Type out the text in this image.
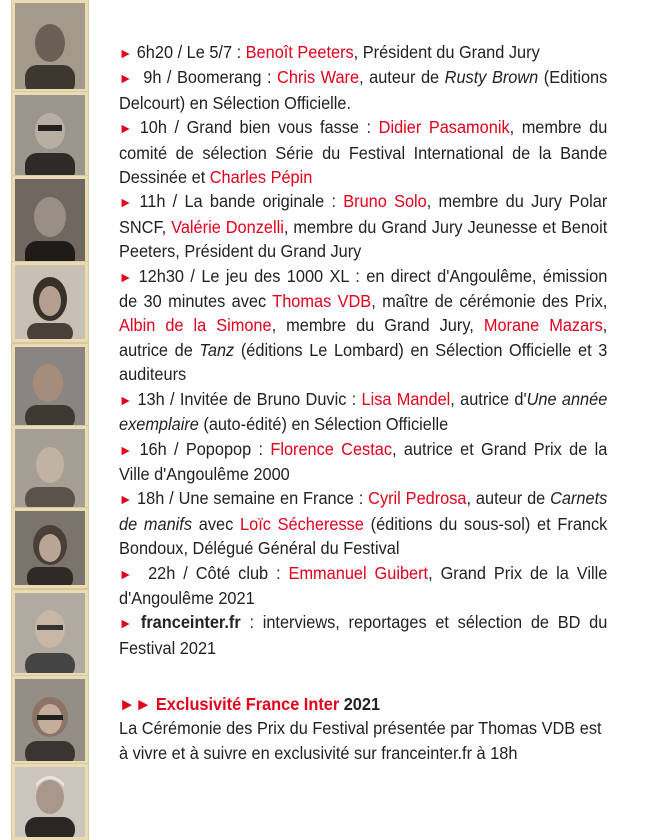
► 6h20 / Le 5/7 : Benoît Peeters, Président du Grand Jury

► 9h / Boomerang : Chris Ware, auteur de Rusty Brown (Editions Delcourt) en Sélection Officielle.

► 10h / Grand bien vous fasse : Didier Pasamonik, membre du comité de sélection Série du Festival International de la Bande Dessinée et Charles Pépin

► 11h / La bande originale : Bruno Solo, membre du Jury Polar SNCF, Valérie Donzelli, membre du Grand Jury Jeunesse et Benoit Peeters, Président du Grand Jury

► 12h30 / Le jeu des 1000 XL : en direct d'Angoulême, émission de 30 minutes avec Thomas VDB, maître de cérémonie des Prix, Albin de la Simone, membre du Grand Jury, Morane Mazars, autrice de Tanz (éditions Le Lombard) en Sélection Officielle et 3 auditeurs

► 13h / Invitée de Bruno Duvic : Lisa Mandel, autrice d'Une année exemplaire (auto-édité) en Sélection Officielle

► 16h / Popopop : Florence Cestac, autrice et Grand Prix de la Ville d'Angoulême 2000

► 18h / Une semaine en France : Cyril Pedrosa, auteur de Carnets de manifs avec Loïc Sécheresse (éditions du sous-sol) et Franck Bondoux, Délégué Général du Festival

► 22h / Côté club : Emmanuel Guibert, Grand Prix de la Ville d'Angoulême 2021

► franceinter.fr : interviews, reportages et sélection de BD du Festival 2021

►► Exclusivité France Inter 2021

La Cérémonie des Prix du Festival présentée par Thomas VDB est à vivre et à suivre en exclusivité sur franceinter.fr à 18h
